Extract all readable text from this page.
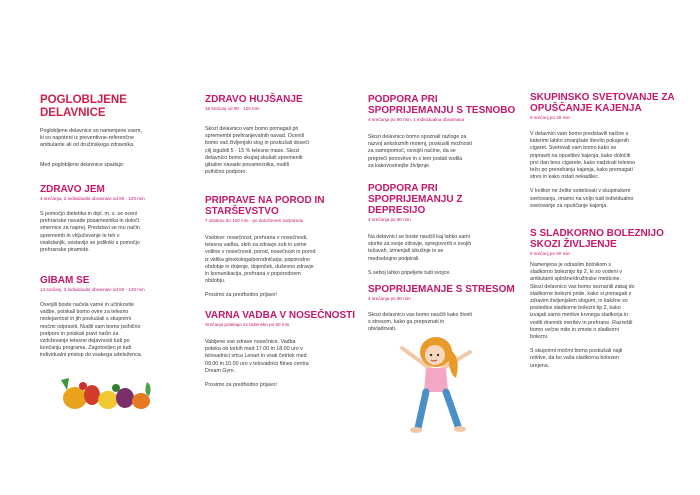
POGLOBLJENE
DELAVNICE
Poglobljene delavnice so namenjene vsem,
ki so napoteni iz preventivne-referenčne
ambulante ali od družinskega zdravnika.
Med poglobljene delavnice spadajo:
ZDRAVO JEM
4 srečanja, 2 individualni obravnavi od 90 - 120 min
S pomočjo dietetika in dipl. m. s. se oceni
prehranske navade posameznika in določi
smernice za naprej. Predstavi se mu način
sprememb in vključevanje le teh v
vsakdanjik, sestavijo se jedilniki s pomočjo
prehranske piramide.
GIBAM SE
14 srečanj, 2 individualni obravnavi od 60 - 120 min
Osvojili boste načela varne in učinkovite
vadbe, poiskali bomo ovire za telesno
nedejavnost in jih poskušali s skupnimi
močmi odpraviti. Nudili vam bomo psihično
podporo in poiskali pravi način za
vzdrževanje telesne dejavnosti tudi po
končanju programa. Zagotovljen je tudi
individualni pristop do vsakega udeleženca.
ZDRAVO HUJŠANJE
16 srečanj od 90 - 120 min
Skozi delavnico vam bomo pomagali pri
spremembi prehranjevalnih navad. Ocenili
bomo vaš življenjski slog in poskušali doseči
cilj izgubiti 5 - 15 % telesne mase. Skozi
delavnico bomo skupaj skušali spremeniti
gibalne navade posameznika, nudili
psihično podporo.
PRIPRAVE NA POROD IN
STARŠEVSTVO
7 obiskov do 120 min - po določenem razporedu
Vsebine: nosečnost, prehrana v nosečnosti,
telesna vadba, skrb za zdravje zob in ustne
votline v nosečnosti, porod, nosečnost in porod
iz vidika ginekologa/porodničarja, poporodno
obdobje in dojenje, dojenček, duševno zdravje
in komunikacija, prehrana v poporodnem
obdobju.
Prosimo za predhodno prijavo!
VARNA VADBA V NOSEČNOSTI
Srečanja potekajo 2x tedensko po 60 min
Vabljene vse zdrave nosečnice. Vadba
poteka ob torkih med 17.00 in 18.00 uro v
telovadnici vrtca Lenart in vsak četrtek med
09.00 in 10.00 uro v telovadnici fitnes centra
Dream Gym.
Prosimo za predhodno prijavo!
PODPORA PRI
SPOPRIJEMANJU S TESNOBO
4 srečanja po 90 min, 1 individualna obravnava
Skozi delavnico bomo spoznali razloge za
razvoj anksioznih motenj, poskusili možnosti
za samopomoč, osvojili načine, da se
prepreči ponovitve in s tem podali vodila
za kakovostnejše življenje.
PODPORA PRI
SPOPRIJEMANJU Z
DEPRESIJO
4 srečanja po 90 min
Na delavnici se boste naučili kaj lahko sami
storite za svoje zdravje, spregovorili o svojih
težavah, izmenjali izkušnje in se
medsebojno podpirali.
S seboj lahko pripeljete tudi svojce.
SPOPRIJEMANJE S STRESOM
4 srečanja po 90 min
Skozi delavnico vas bomo naučili kako živeti
s stresom, kako ga prepoznati in
obvladovati.
SKUPINSKO SVETOVANJE ZA
OPUŠČANJE KAJENJA
6 srečanj po 45 min
V delavnici vam bomo predstavili načine s
katerimi lahko zmanjšate število pokajenih
cigaret. Svetovali vam bomo kako se
pripraviti na opustitev kajenja, kako določiti
prvi dan brez cigarete, kako nadzirati telesno
težo po prenehanju kajenja, kako premagati
stres in kako ostati nekadilec.
V kolikor ne želite sodelovati v skupinskem
svetovanju, imamo na voljo tudi individualno
svetovanje za opuščanje kajenja.
S SLADKORNO BOLEZNIJO
SKOZI ŽIVLJENJE
5 srečanj po 90 min
Namenjena je odraslim bolnikom s
sladkorno boleznijo tip 2, ki so vodeni v
ambulanti splošne/družinske medicine.
Skozi delavnico vas bomo seznanili zakaj do
sladkorne bolezni pride, kako si pomagati z
zdravim življenjskim slogom, in kakšne so
posledice sladkorne bolezni tip 2, kako
izvajati samo meritve krvnega sladkorja in
voditi dnevnik meritev in prehrane. Razrešili
bomo večne mite in zmote o sladkorni
bolezni.
S skupnimi močmi bomo poskušali najti
rešitve, da bo vaša sladkorna bolezen
urejena.
